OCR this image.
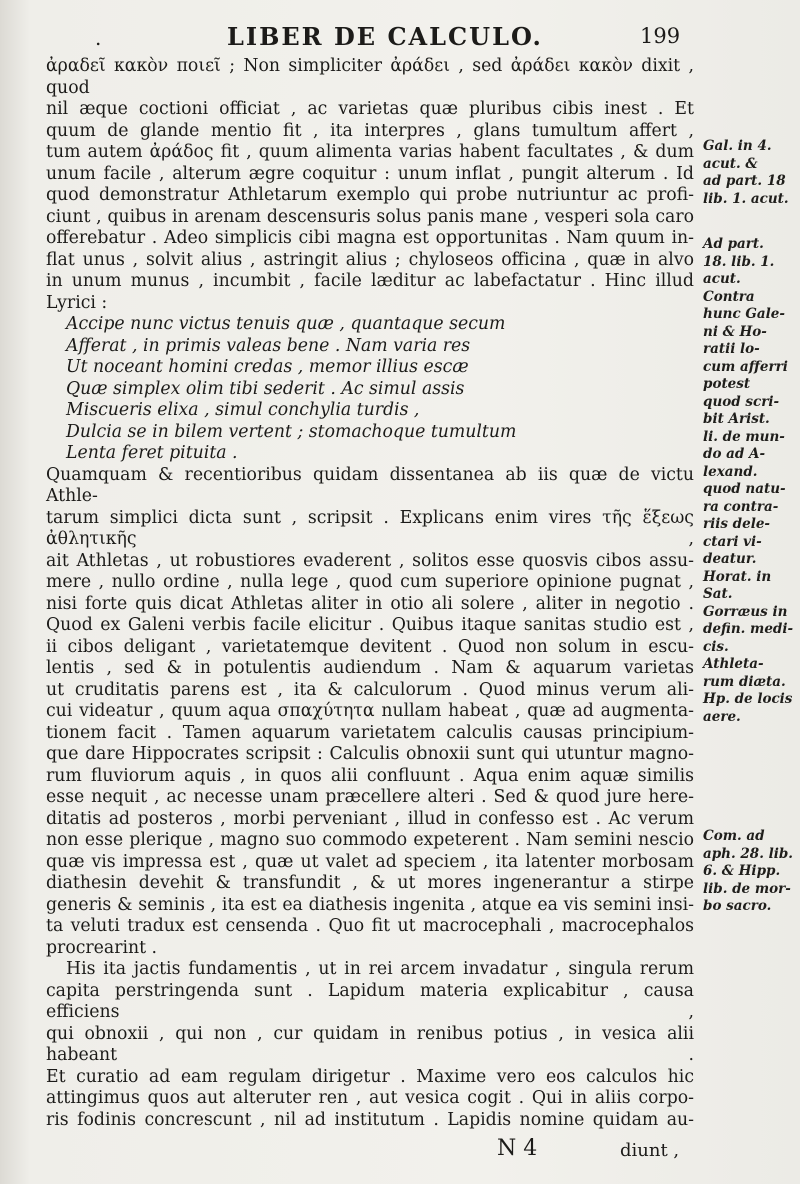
.	LIBER DE CALCULO.	199

ἀραδεῖ κακὸν ποιεῖ ; Non simpliciter ἀράδει , sed ἀράδει κακὸν dixit , quod

nil æque coctioni officiat , ac varietas quæ pluribus cibis inest . Et

quum de glande mentio fit , ita interpres , glans tumultum affert ,

tum autem ἀράδος fit , quum alimenta varias habent facultates , & dum

unum facile , alterum ægre coquitur : unum inflat , pungit alterum . Id

quod demonstratur Athletarum exemplo qui probe nutriuntur ac profi-

ciunt , quibus in arenam descensuris solus panis mane , vesperi sola caro

offerebatur . Adeo simplicis cibi magna est opportunitas . Nam quum in-

flat unus , solvit alius , astringit alius ; chyloseos officina , quæ in alvo

in unum munus , incumbit , facile læditur ac labefactatur . Hinc illud

Lyrici :

Accipe nunc victus tenuis quæ , quantaque secum

Afferat , in primis valeas bene . Nam varia res

Ut noceant homini credas , memor illius escæ

Quæ simplex olim tibi sederit . Ac simul assis

Miscueris elixa , simul conchylia turdis ,

Dulcia se in bilem vertent ; stomachoque tumultum

Lenta feret pituita .

Quamquam & recentioribus quidam dissentanea ab iis quæ de victu Athle-

tarum simplici dicta sunt , scripsit . Explicans enim vires τῆς ἕξεως ἀθλητικῆς ,

ait Athletas , ut robustiores evaderent , solitos esse quosvis cibos assu-

mere , nullo ordine , nulla lege , quod cum superiore opinione pugnat ,

nisi forte quis dicat Athletas aliter in otio ali solere , aliter in negotio .

Quod ex Galeni verbis facile elicitur . Quibus itaque sanitas studio est ,

ii cibos deligant , varietatemque devitent . Quod non solum in escu-

lentis , sed & in potulentis audiendum . Nam & aquarum varietas

ut cruditatis parens est , ita & calculorum . Quod minus verum ali-

cui videatur , quum aqua σπαχύτητα nullam habeat , quæ ad augmenta-

tionem facit . Tamen aquarum varietatem calculis causas principium-

que dare Hippocrates scripsit : Calculis obnoxii sunt qui utuntur magno-

rum fluviorum aquis , in quos alii confluunt . Aqua enim aquæ similis

esse nequit , ac necesse unam præcellere alteri . Sed & quod jure here-

ditatis ad posteros , morbi perveniant , illud in confesso est . Ac verum

non esse plerique , magno suo commodo expeterent . Nam semini nescio

quæ vis impressa est , quæ ut valet ad speciem , ita latenter morbosam

diathesin devehit & transfundit , & ut mores ingenerantur a stirpe

generis & seminis , ita est ea diathesis ingenita , atque ea vis semini insi-

ta veluti tradux est censenda . Quo fit ut macrocephali , macrocephalos

procrearint .

His ita jactis fundamentis , ut in rei arcem invadatur , singula rerum

capita perstringenda sunt . Lapidum materia explicabitur , causa efficiens ,

qui obnoxii , qui non , cur quidam in renibus potius , in vesica alii habeant .

Et curatio ad eam regulam dirigetur . Maxime vero eos calculos hic

attingimus quos aut alteruter ren , aut vesica cogit . Qui in aliis corpo-

ris fodinis concrescunt , nil ad institutum . Lapidis nomine quidam au-

Gal. in 4.
acut. &
ad part. 18
lib. 1. acut.
Ad part.
18. lib. 1.
acut.
Contra
hunc Gale-
ni & Ho-
ratii lo-
cum afferri
potest
quod scri-
bit Arist.
li. de mun-
do ad A-
lexand.
quod natu-
ra contra-
riis dele-
ctari vi-
deatur.
Horat. in
Sat.
Gorræus in
defin. medi-
cis.
Athleta-
rum diæta.
Hp. de locis
aere.
Com. ad
aph. 28. lib.
6. & Hipp.
lib. de mor-
bo sacro.
N 4	diunt ,
